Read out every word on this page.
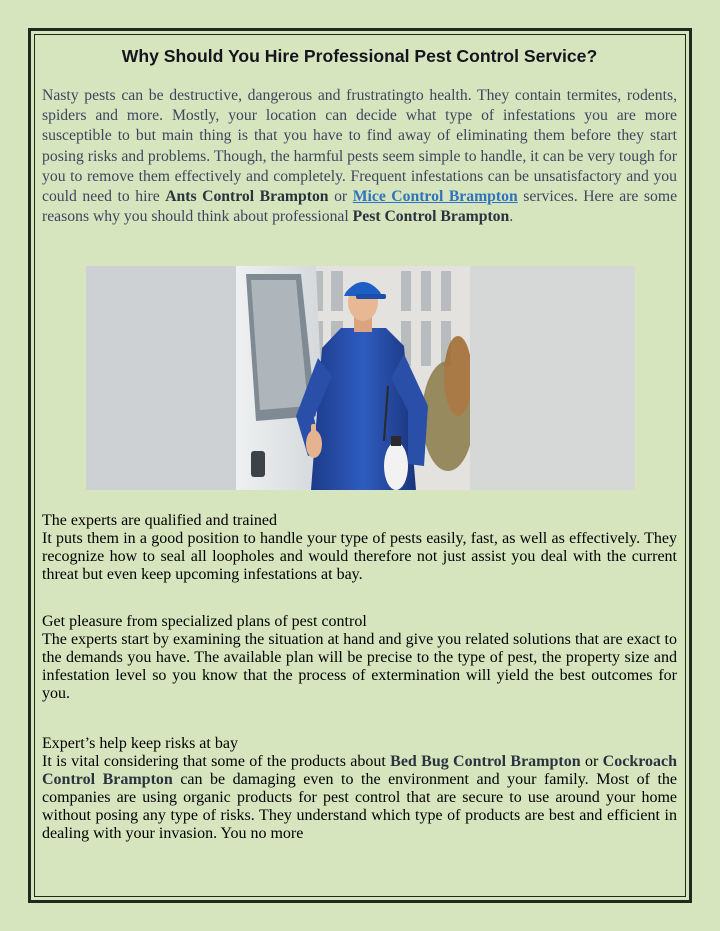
Why Should You Hire Professional Pest Control Service?

Nasty pests can be destructive, dangerous and frustratingto health. They contain termites, rodents, spiders and more. Mostly, your location can decide what type of infestations you are more susceptible to but main thing is that you have to find away of eliminating them before they start posing risks and problems. Though, the harmful pests seem simple to handle, it can be very tough for you to remove them effectively and completely. Frequent infestations can be unsatisfactory and you could need to hire Ants Control Brampton or Mice Control Brampton services. Here are some reasons why you should think about professional Pest Control Brampton.

The experts are qualified and trained

It puts them in a good position to handle your type of pests easily, fast, as well as effectively. They recognize how to seal all loopholes and would therefore not just assist you deal with the current threat but even keep upcoming infestations at bay.

Get pleasure from specialized plans of pest control

The experts start by examining the situation at hand and give you related solutions that are exact to the demands you have. The available plan will be precise to the type of pest, the property size and infestation level so you know that the process of extermination will yield the best outcomes for you.

Expert’s help keep risks at bay

It is vital considering that some of the products about Bed Bug Control Brampton or Cockroach Control Brampton can be damaging even to the environment and your family. Most of the companies are using organic products for pest control that are secure to use around your home without posing any type of risks. They understand which type of products are best and efficient in dealing with your invasion. You no more
